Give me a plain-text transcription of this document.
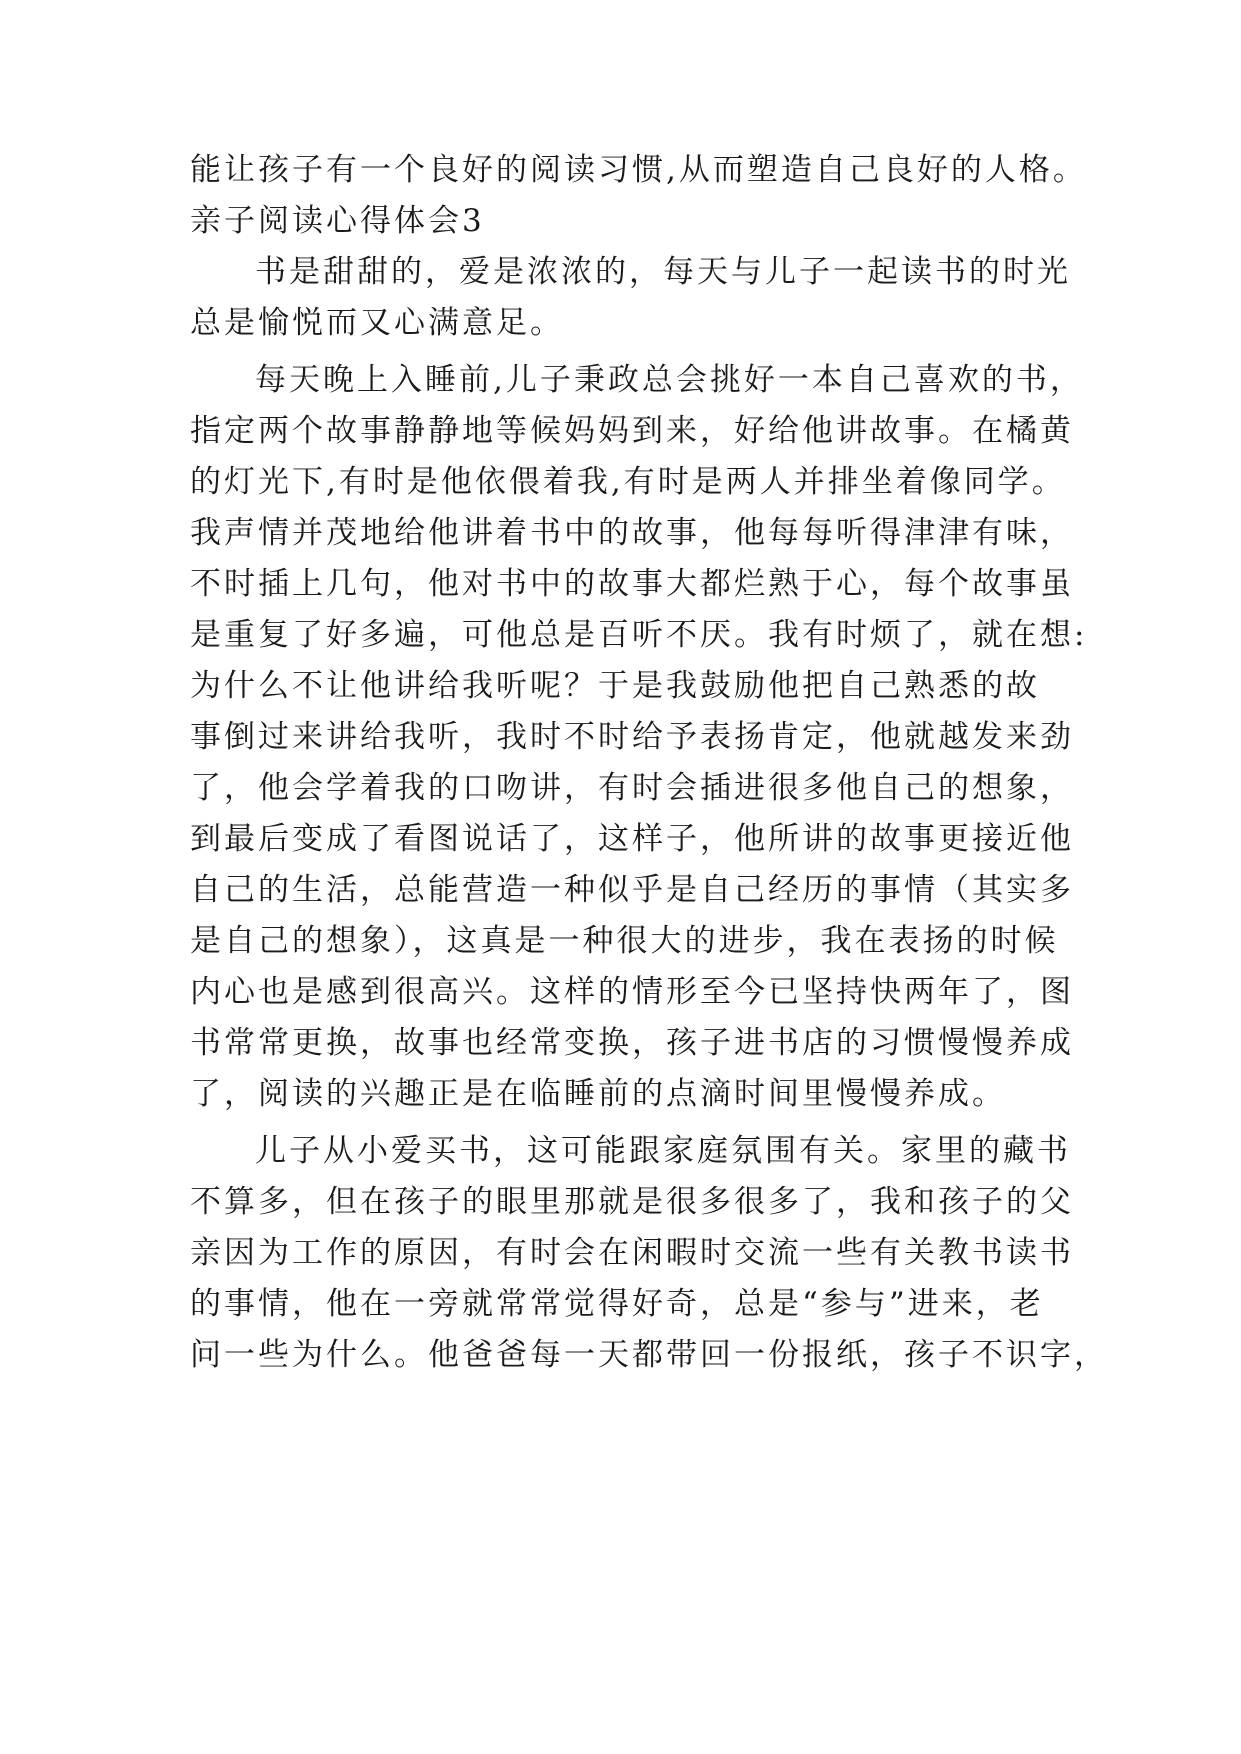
能让孩子有一个良好的阅读习惯,从而塑造自己良好的人格。
亲子阅读心得体会3
书是甜甜的，爱是浓浓的，每天与儿子一起读书的时光
总是愉悦而又心满意足。
每天晚上入睡前,儿子秉政总会挑好一本自己喜欢的书，
指定两个故事静静地等候妈妈到来，好给他讲故事。在橘黄
的灯光下,有时是他依偎着我,有时是两人并排坐着像同学。
我声情并茂地给他讲着书中的故事，他每每听得津津有味，
不时插上几句，他对书中的故事大都烂熟于心，每个故事虽
是重复了好多遍，可他总是百听不厌。我有时烦了，就在想:
为什么不让他讲给我听呢？于是我鼓励他把自己熟悉的故
事倒过来讲给我听，我时不时给予表扬肯定，他就越发来劲
了，他会学着我的口吻讲，有时会插进很多他自己的想象，
到最后变成了看图说话了，这样子，他所讲的故事更接近他
自己的生活，总能营造一种似乎是自己经历的事情（其实多
是自己的想象），这真是一种很大的进步，我在表扬的时候
内心也是感到很高兴。这样的情形至今已坚持快两年了，图
书常常更换，故事也经常变换，孩子进书店的习惯慢慢养成
了，阅读的兴趣正是在临睡前的点滴时间里慢慢养成。
儿子从小爱买书，这可能跟家庭氛围有关。家里的藏书
不算多，但在孩子的眼里那就是很多很多了，我和孩子的父
亲因为工作的原因，有时会在闲暇时交流一些有关教书读书
的事情，他在一旁就常常觉得好奇，总是“参与”进来，老
问一些为什么。他爸爸每一天都带回一份报纸，孩子不识字，
